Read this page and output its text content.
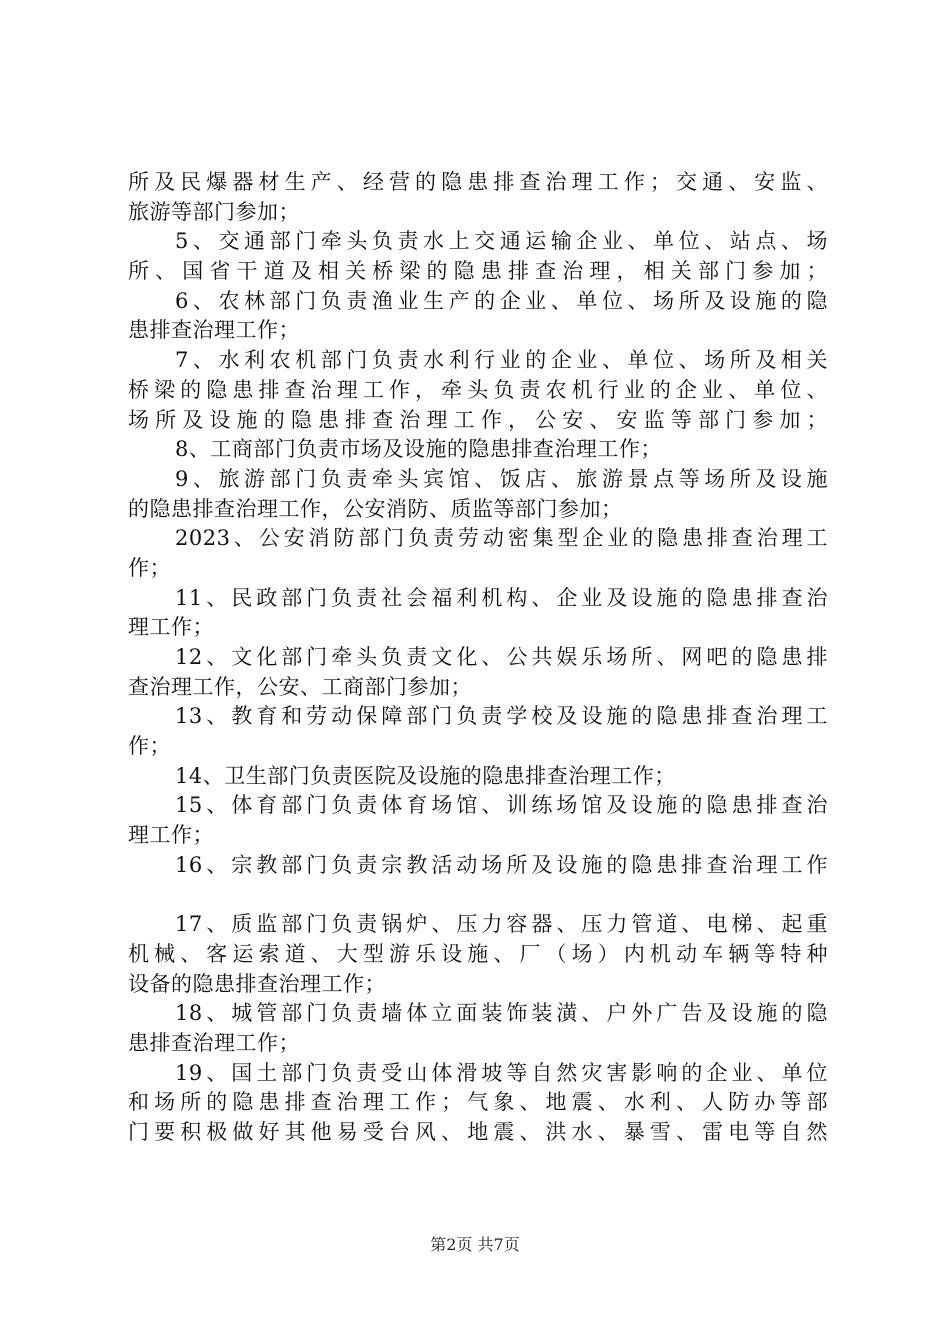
所及民爆器材生产、经营的隐患排查治理工作；交通、安监、
旅游等部门参加；
5、交通部门牵头负责水上交通运输企业、单位、站点、场
所、国省干道及相关桥梁的隐患排查治理，相关部门参加；
6、农林部门负责渔业生产的企业、单位、场所及设施的隐
患排查治理工作；
7、水利农机部门负责水利行业的企业、单位、场所及相关
桥梁的隐患排查治理工作，牵头负责农机行业的企业、单位、
场所及设施的隐患排查治理工作，公安、安监等部门参加；
8、工商部门负责市场及设施的隐患排查治理工作；
9、旅游部门负责牵头宾馆、饭店、旅游景点等场所及设施
的隐患排查治理工作，公安消防、质监等部门参加；
2023、公安消防部门负责劳动密集型企业的隐患排查治理工
作；
11、民政部门负责社会福利机构、企业及设施的隐患排查治
理工作；
12、文化部门牵头负责文化、公共娱乐场所、网吧的隐患排
查治理工作，公安、工商部门参加；
13、教育和劳动保障部门负责学校及设施的隐患排查治理工
作；
14、卫生部门负责医院及设施的隐患排查治理工作；
15、体育部门负责体育场馆、训练场馆及设施的隐患排查治
理工作；
16、宗教部门负责宗教活动场所及设施的隐患排查治理工作
17、质监部门负责锅炉、压力容器、压力管道、电梯、起重
机械、客运索道、大型游乐设施、厂（场）内机动车辆等特种
设备的隐患排查治理工作；
18、城管部门负责墙体立面装饰装潢、户外广告及设施的隐
患排查治理工作；
19、国土部门负责受山体滑坡等自然灾害影响的企业、单位
和场所的隐患排查治理工作；气象、地震、水利、人防办等部
门要积极做好其他易受台风、地震、洪水、暴雪、雷电等自然
第2页 共7页
